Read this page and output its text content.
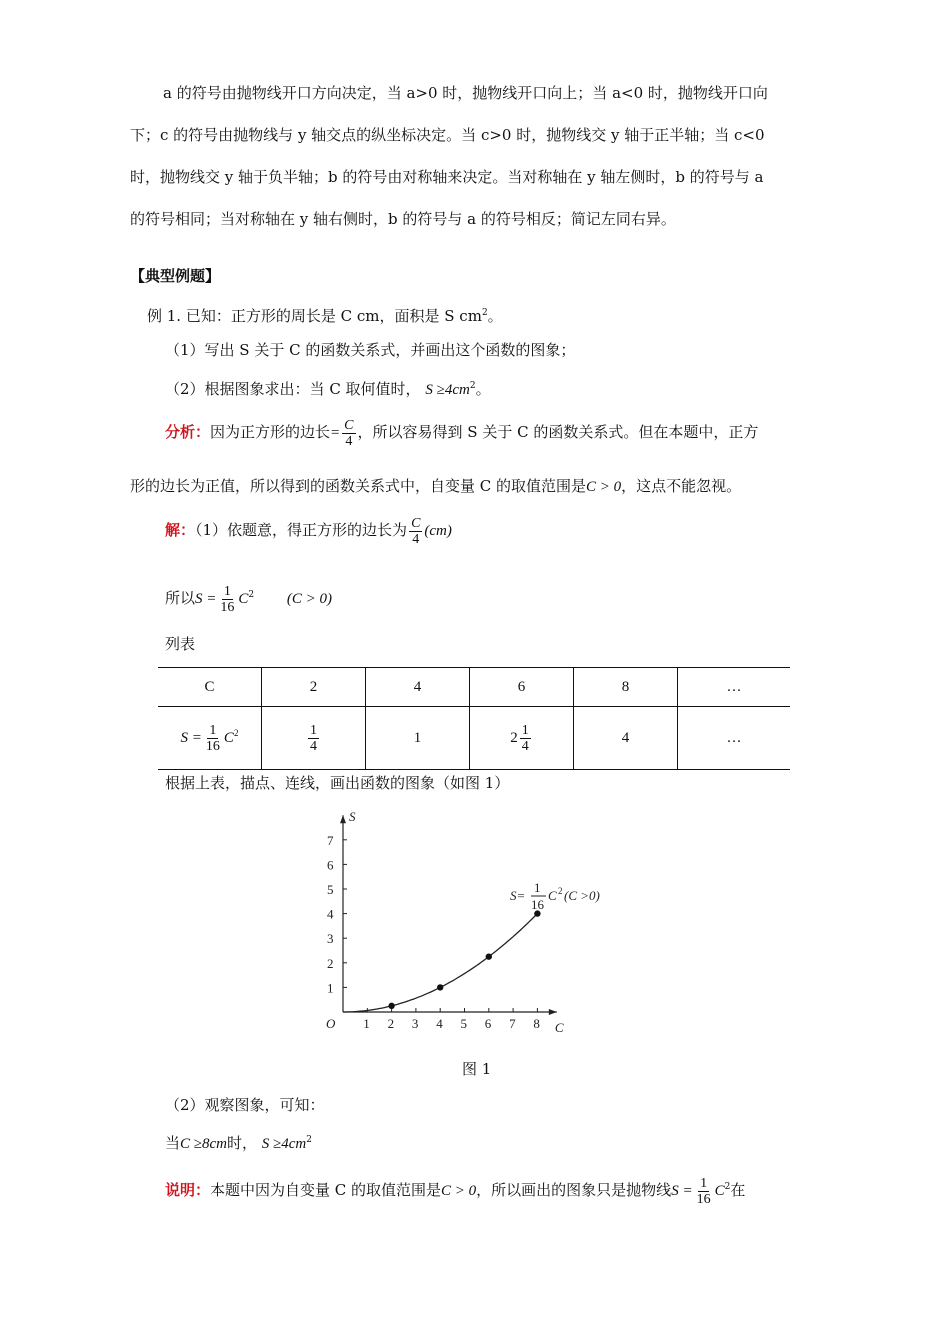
a 的符号由抛物线开口方向决定，当 a>0 时，抛物线开口向上；当 a<0 时，抛物线开口向
下；c 的符号由抛物线与 y 轴交点的纵坐标决定。当 c>0 时，抛物线交 y 轴于正半轴；当 c<0
时，抛物线交 y 轴于负半轴；b 的符号由对称轴来决定。当对称轴在 y 轴左侧时，b 的符号与 a
的符号相同；当对称轴在 y 轴右侧时，b 的符号与 a 的符号相反；简记左同右异。
【典型例题】
例 1. 已知：正方形的周长是 C cm，面积是 S $cm^2$。
（1）写出 S 关于 C 的函数关系式，并画出这个函数的图象；
（2）根据图象求出：当 C 取何值时， $S \ge 4cm^2$。
分析：因为正方形的边长= $\frac{C}{4}$ ，所以容易得到 S 关于 C 的函数关系式。但在本题中，正方
形的边长为正值，所以得到的函数关系式中，自变量 C 的取值范围是C > 0，这点不能忽视。
解：（1）依题意，得正方形的边长为 $\frac{C}{4} (cm)$
所以$S = \frac{1}{16} C^2$ (C > 0)
列表
C	2	4	6	8	…
$S = \frac{1}{16} C^2$	$\frac{1}{4}$	1	$2 \frac{1}{4}$	4	…
根据上表，描点、连线，画出函数的图象（如图 1）
C
S
O 1 2 3 4 5 6 7 8
1
2
3
4
5
6
7
S=
1
16
C 2 (C >0)
图 1
（2）观察图象，可知：
当C ≥8cm时， $S \ge 4cm^2$
说明：本题中因为自变量 C 的取值范围是C > 0，所以画出的图象只是抛物线$S = \frac{1}{16} C^2$在
